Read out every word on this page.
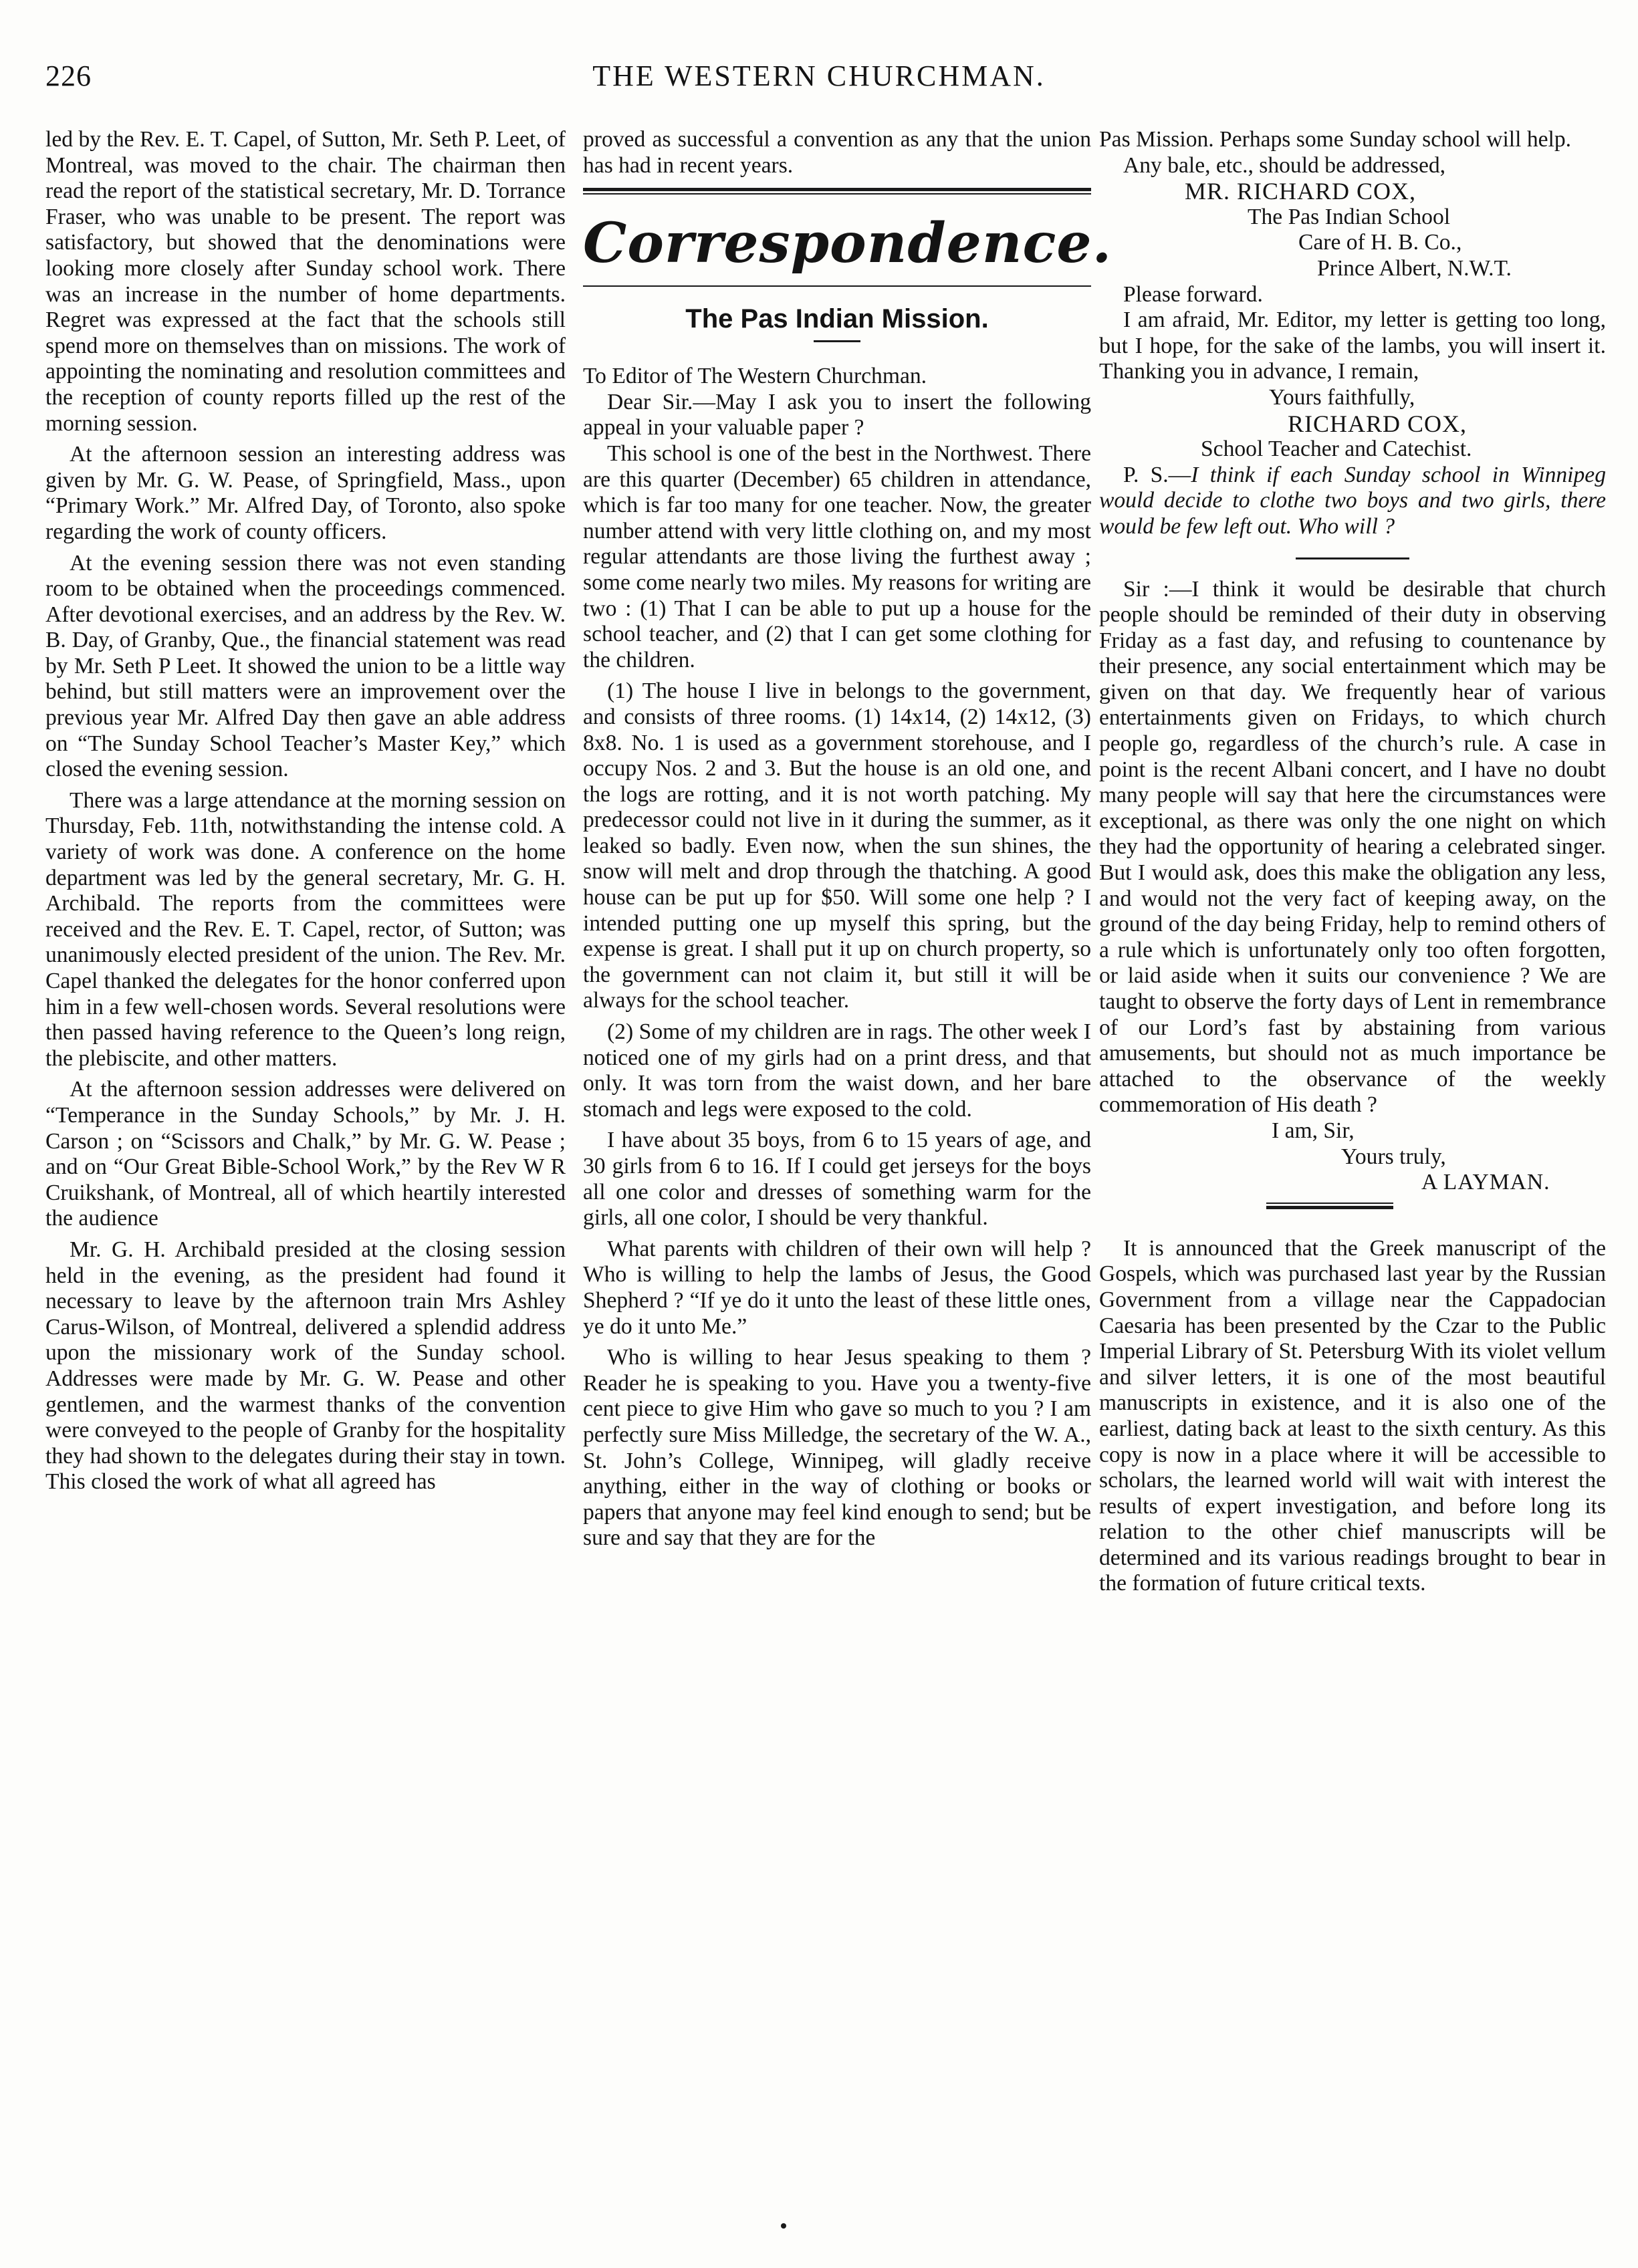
226	THE WESTERN CHURCHMAN.

led by the Rev. E. T. Capel, of Sutton, Mr. Seth P. Leet, of Montreal, was moved to the chair. The chairman then read the report of the statistical secretary, Mr. D. Torrance Fraser, who was unable to be present. The report was satisfactory, but showed that the denominations were looking more closely after Sunday school work. There was an increase in the number of home departments. Regret was expressed at the fact that the schools still spend more on themselves than on missions. The work of appointing the nominating and resolution committees and the reception of county reports filled up the rest of the morning session.

At the afternoon session an interesting address was given by Mr. G. W. Pease, of Springfield, Mass., upon “Primary Work.” Mr. Alfred Day, of Toronto, also spoke regarding the work of county officers.

At the evening session there was not even standing room to be obtained when the proceedings commenced. After devotional exercises, and an address by the Rev. W. B. Day, of Granby, Que., the financial statement was read by Mr. Seth P Leet. It showed the union to be a little way behind, but still matters were an improvement over the previous year Mr. Alfred Day then gave an able address on “The Sunday School Teacher’s Master Key,” which closed the evening session.

There was a large attendance at the morning session on Thursday, Feb. 11th, notwithstanding the intense cold. A variety of work was done. A conference on the home department was led by the general secretary, Mr. G. H. Archibald. The reports from the committees were received and the Rev. E. T. Capel, rector, of Sutton; was unanimously elected president of the union. The Rev. Mr. Capel thanked the delegates for the honor conferred upon him in a few well-chosen words. Several resolutions were then passed having reference to the Queen’s long reign, the plebiscite, and other matters.

At the afternoon session addresses were delivered on “Temperance in the Sunday Schools,” by Mr. J. H. Carson ; on “Scissors and Chalk,” by Mr. G. W. Pease ; and on “Our Great Bible-School Work,” by the Rev W R Cruikshank, of Montreal, all of which heartily interested the audience

Mr. G. H. Archibald presided at the closing session held in the evening, as the president had found it necessary to leave by the afternoon train Mrs Ashley Carus-Wilson, of Montreal, delivered a splendid address upon the missionary work of the Sunday school. Addresses were made by Mr. G. W. Pease and other gentlemen, and the warmest thanks of the convention were conveyed to the people of Granby for the hospitality they had shown to the delegates during their stay in town. This closed the work of what all agreed has

proved as successful a convention as any that the union has had in recent years.

Correspondence.
The Pas Indian Mission.

To Editor of The Western Churchman.

Dear Sir.—May I ask you to insert the following appeal in your valuable paper ?

This school is one of the best in the Northwest. There are this quarter (December) 65 children in attendance, which is far too many for one teacher. Now, the greater number attend with very little clothing on, and my most regular attendants are those living the furthest away ; some come nearly two miles. My reasons for writing are two : (1) That I can be able to put up a house for the school teacher, and (2) that I can get some clothing for the children.

(1) The house I live in belongs to the government, and consists of three rooms. (1) 14x14, (2) 14x12, (3) 8x8. No. 1 is used as a government storehouse, and I occupy Nos. 2 and 3. But the house is an old one, and the logs are rotting, and it is not worth patching. My predecessor could not live in it during the summer, as it leaked so badly. Even now, when the sun shines, the snow will melt and drop through the thatching. A good house can be put up for $50. Will some one help ? I intended putting one up myself this spring, but the expense is great. I shall put it up on church property, so the government can not claim it, but still it will be always for the school teacher.

(2) Some of my children are in rags. The other week I noticed one of my girls had on a print dress, and that only. It was torn from the waist down, and her bare stomach and legs were exposed to the cold.

I have about 35 boys, from 6 to 15 years of age, and 30 girls from 6 to 16. If I could get jerseys for the boys all one color and dresses of something warm for the girls, all one color, I should be very thankful.

What parents with children of their own will help ? Who is willing to help the lambs of Jesus, the Good Shepherd ? “If ye do it unto the least of these little ones, ye do it unto Me.”

Who is willing to hear Jesus speaking to them ? Reader he is speaking to you. Have you a twenty-five cent piece to give Him who gave so much to you ? I am perfectly sure Miss Milledge, the secretary of the W. A., St. John’s College, Winnipeg, will gladly receive anything, either in the way of clothing or books or papers that anyone may feel kind enough to send; but be sure and say that they are for the

Pas Mission. Perhaps some Sunday school will help.

Any bale, etc., should be addressed,

MR. RICHARD COX,

The Pas Indian School

Care of H. B. Co.,

Prince Albert, N.W.T.

Please forward.

I am afraid, Mr. Editor, my letter is getting too long, but I hope, for the sake of the lambs, you will insert it. Thanking you in advance, I remain,

Yours faithfully,

RICHARD COX,

School Teacher and Catechist.

P. S.—I think if each Sunday school in Winnipeg would decide to clothe two boys and two girls, there would be few left out. Who will ?

Sir :—I think it would be desirable that church people should be reminded of their duty in observing Friday as a fast day, and refusing to countenance by their presence, any social entertainment which may be given on that day. We frequently hear of various entertainments given on Fridays, to which church people go, regardless of the church’s rule. A case in point is the recent Albani concert, and I have no doubt many people will say that here the circumstances were exceptional, as there was only the one night on which they had the opportunity of hearing a celebrated singer. But I would ask, does this make the obligation any less, and would not the very fact of keeping away, on the ground of the day being Friday, help to remind others of a rule which is unfortunately only too often forgotten, or laid aside when it suits our convenience ? We are taught to observe the forty days of Lent in remembrance of our Lord’s fast by abstaining from various amusements, but should not as much importance be attached to the observance of the weekly commemoration of His death ?

I am, Sir,

Yours truly,

A LAYMAN.

It is announced that the Greek manuscript of the Gospels, which was purchased last year by the Russian Government from a village near the Cappadocian Caesaria has been presented by the Czar to the Public Imperial Library of St. Petersburg With its violet vellum and silver letters, it is one of the most beautiful manuscripts in existence, and it is also one of the earliest, dating back at least to the sixth century. As this copy is now in a place where it will be accessible to scholars, the learned world will wait with interest the results of expert investigation, and before long its relation to the other chief manuscripts will be determined and its various readings brought to bear in the formation of future critical texts.
